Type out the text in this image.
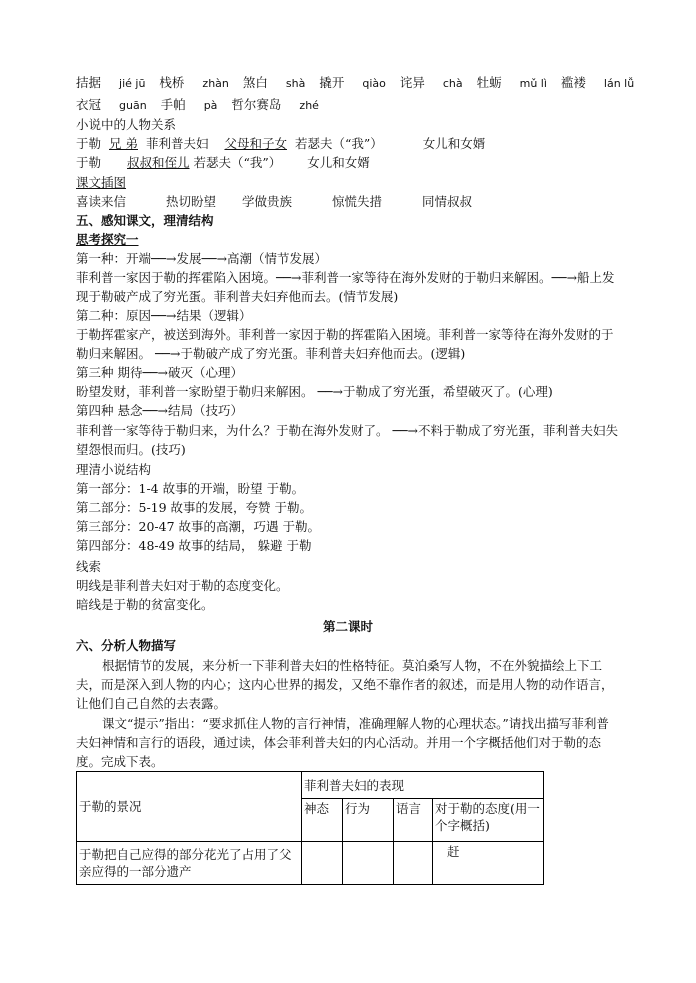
拮据 jié jū 栈桥 zhàn 煞白 shà 撬开 qiào 诧异 chà 牡蛎 mǔ lì 褴褛 lán lǚ
衣冠 guān 手帕 pà 哲尔赛岛 zhé
小说中的人物关系
于勒 兄 弟 菲利普夫妇 父母和子女 若瑟夫（“我”）	女儿和女婿
于勒 叔叔和侄儿 若瑟夫（“我”） 女儿和女婿
课文插图
喜读来信	热切盼望 学做贵族	惊慌失措	同情叔叔
五、感知课文，理清结构
思考探究一
第一种：开端──→发展──→高潮（情节发展）
菲利普一家因于勒的挥霍陷入困境。──→菲利普一家等待在海外发财的于勒归来解困。──→船上发
现于勒破产成了穷光蛋。菲利普夫妇弃他而去。(情节发展)
第二种：原因──→结果（逻辑）
于勒挥霍家产，被送到海外。菲利普一家因于勒的挥霍陷入困境。菲利普一家等待在海外发财的于
勒归来解困。 ──→于勒破产成了穷光蛋。菲利普夫妇弃他而去。(逻辑)
第三种 期待──→破灭（心理）
盼望发财，菲利普一家盼望于勒归来解困。 ──→于勒成了穷光蛋，希望破灭了。(心理)
第四种 悬念──→结局（技巧）
菲利普一家等待于勒归来，为什么？于勒在海外发财了。 ──→不料于勒成了穷光蛋，菲利普夫妇失
望怨恨而归。(技巧)
理清小说结构
第一部分：1-4 故事的开端，盼望 于勒。
第二部分：5-19 故事的发展，夸赞 于勒。
第三部分：20-47 故事的高潮，巧遇 于勒。
第四部分：48-49 故事的结局， 躲避 于勒
线索
明线是菲利普夫妇对于勒的态度变化。
暗线是于勒的贫富变化。
第二课时
六、分析人物描写
根据情节的发展，来分析一下菲利普夫妇的性格特征。莫泊桑写人物，不在外貌描绘上下工夫，而是深入到人物的内心；这内心世界的揭发，又绝不靠作者的叙述，而是用人物的动作语言，让他们自己自然的去表露。
课文“提示”指出：“要求抓住人物的言行神情，准确理解人物的心理状态。”请找出描写菲利普夫妇神情和言行的语段，通过读，体会菲利普夫妇的内心活动。并用一个字概括他们对于勒的态度。完成下表。
于勒的景况	菲利普夫妇的表现			
	神态	行为	语言	对于勒的态度(用一个字概括)
于勒把自己应得的部分花光了占用了父亲应得的一部分遗产				赶
